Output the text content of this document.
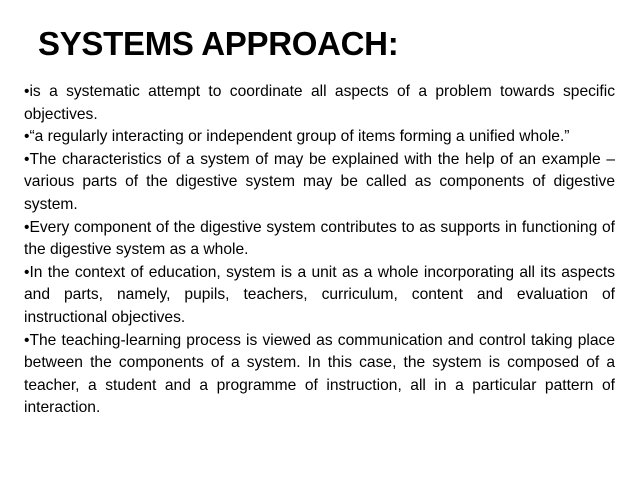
SYSTEMS APPROACH:
•is a systematic attempt to coordinate all aspects of a problem towards specific objectives.
•“a regularly interacting or independent group of items forming a unified whole.”
•The characteristics of a system of may be explained with the help of an example – various parts of the digestive system may be called as components of digestive system.
•Every component of the digestive system contributes to as supports in functioning of the digestive system as a whole.
•In the context of education, system is a unit as a whole incorporating all its aspects and parts, namely, pupils, teachers, curriculum, content and evaluation of instructional objectives.
•The teaching-learning process is viewed as communication and control taking place between the components of a system. In this case, the system is composed of a teacher, a student and a programme of instruction, all in a particular pattern of interaction.
